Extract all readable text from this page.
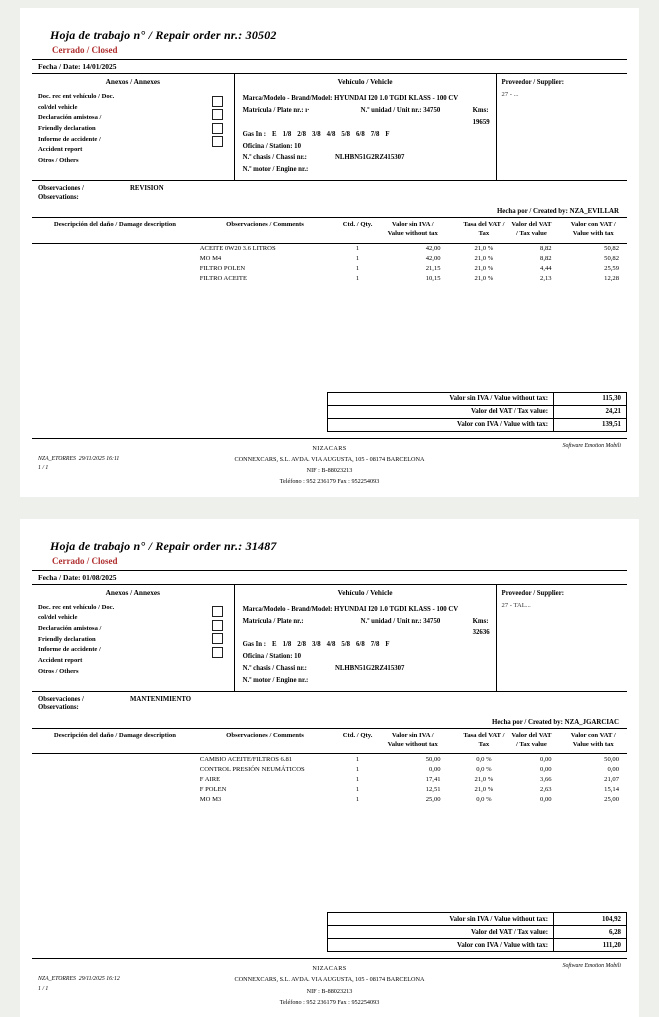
Hoja de trabajo n° / Repair order nr.: 30502
Cerrado / Closed
Fecha / Date: 14/01/2025
Anexos / Annexes
Doc. rec ent vehículo / Doc.
col/del vehicle
Declaración amistosa /
Friendly declaration
Informe de accidente /
Accident report
Otros / Others
Vehículo / Vehicle
Marca/Modelo - Brand/Model: HYUNDAI I20 1.0 TGDI KLASS - 100 CV
Matrícula / Plate nr.: ı·	N.º unidad / Unit nr.: 34750	Kms: 19659
Gas In : E 1/8 2/8 3/8 4/8 5/8 6/8 7/8 F
Oficina / Station: 10
N.º chasis / Chassi nr.:	NLHBN51G2RZ415307
N.º motor / Engine nr.:
Proveedor / Supplier:
27 - ...
Observaciones /
Observations:
REVISION
Hecha por / Created by: NZA_EVILLAR
Descripción del daño / Damage description	Observaciones / Comments	Ctd. / Qty.	Valor sin IVA / Value without tax	Tasa del VAT / Tax	Valor del VAT / Tax value	Valor con VAT / Value with tax
	ACEITE 0W20 3.6 LITROS	1	42,00	21,0 %	8,82	50,82
	MO M4	1	42,00	21,0 %	8,82	50,82
	FILTRO POLEN	1	21,15	21,0 %	4,44	25,59
	FILTRO ACEITE	1	10,15	21,0 %	2,13	12,28
Valor sin IVA / Value without tax:	115,30
Valor del VAT / Tax value:	24,21
Valor con IVA / Value with tax:	139,51
Software Emotion Mobili
NIZACARS
CONNEXCARS, S.L. AVDA. VIA AUGUSTA, 105 - 08174 BARCELONA
NIF : B-88023213
Teléfono : 952 236179 Fax : 952254093
NZA_ETORRES  29/11/2025 16:11
1 / 1
Hoja de trabajo n° / Repair order nr.: 31487
Cerrado / Closed
Fecha / Date: 01/08/2025
Anexos / Annexes
Doc. rec ent vehículo / Doc.
col/del vehicle
Declaración amistosa /
Friendly declaration
Informe de accidente /
Accident report
Otros / Others
Vehículo / Vehicle
Marca/Modelo - Brand/Model: HYUNDAI I20 1.0 TGDI KLASS - 100 CV
Matrícula / Plate nr.:	N.º unidad / Unit nr.: 34750	Kms: 32636
Gas In : E 1/8 2/8 3/8 4/8 5/8 6/8 7/8 F
Oficina / Station: 10
N.º chasis / Chassi nr.:	NLHBN51G2RZ415307
N.º motor / Engine nr.:
Proveedor / Supplier:
27 - TAL...
Observaciones /
Observations:
MANTENIMIENTO
Hecha por / Created by: NZA_JGARCIAC
Descripción del daño / Damage description	Observaciones / Comments	Ctd. / Qty.	Valor sin IVA / Value without tax	Tasa del VAT / Tax	Valor del VAT / Tax value	Valor con VAT / Value with tax
	CAMBIO ACEITE/FILTROS 6.81	1	50,00	0,0 %	0,00	50,00
	CONTROL PRESIÓN NEUMÁTICOS	1	0,00	0,0 %	0,00	0,00
	F AIRE	1	17,41	21,0 %	3,66	21,07
	F POLEN	1	12,51	21,0 %	2,63	15,14
	MO M3	1	25,00	0,0 %	0,00	25,00
Valor sin IVA / Value without tax:	104,92
Valor del VAT / Tax value:	6,28
Valor con IVA / Value with tax:	111,20
Software Emotion Mobili
NIZACARS
CONNEXCARS, S.L. AVDA. VIA AUGUSTA, 105 - 08174 BARCELONA
NIF : B-88023213
Teléfono : 952 236179 Fax : 952254093
NZA_ETORRES  29/11/2025 16:12
1 / 1
